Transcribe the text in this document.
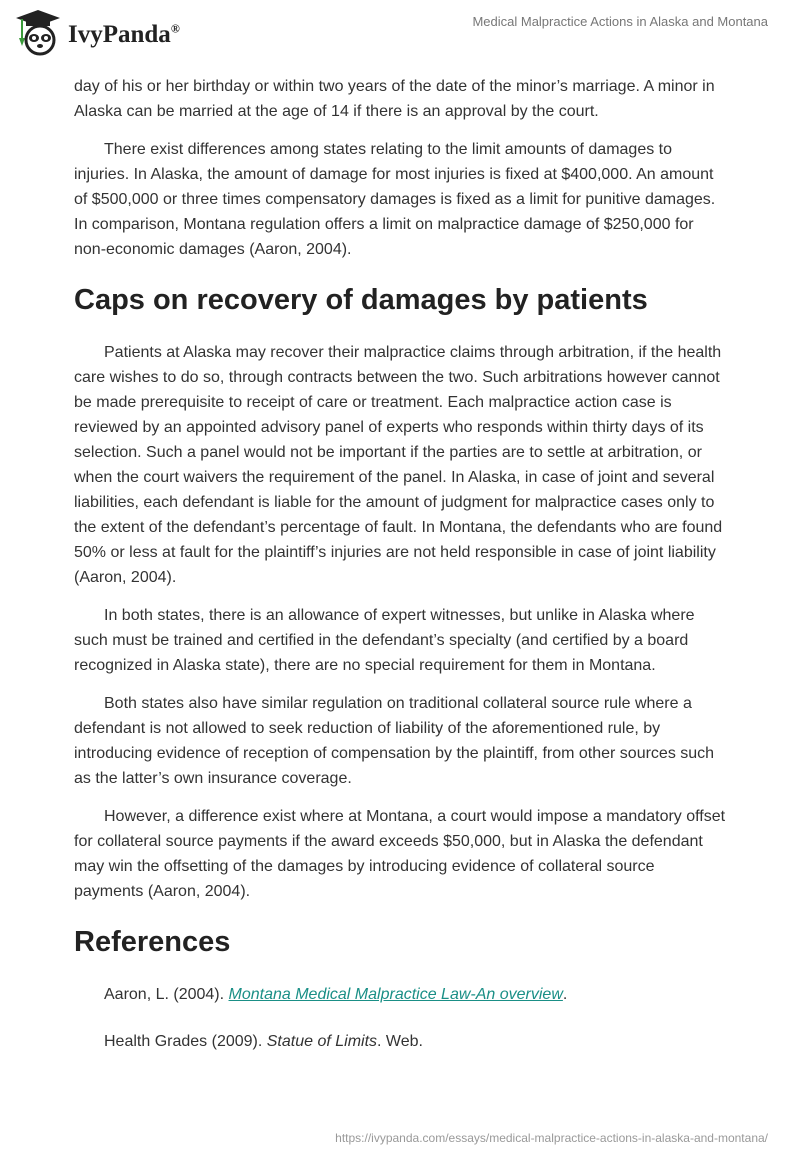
IvyPanda®	Medical Malpractice Actions in Alaska and Montana

day of his or her birthday or within two years of the date of the minor’s marriage. A minor in Alaska can be married at the age of 14 if there is an approval by the court.

There exist differences among states relating to the limit amounts of damages to injuries. In Alaska, the amount of damage for most injuries is fixed at $400,000. An amount of $500,000 or three times compensatory damages is fixed as a limit for punitive damages. In comparison, Montana regulation offers a limit on malpractice damage of $250,000 for non-economic damages (Aaron, 2004).

Caps on recovery of damages by patients

Patients at Alaska may recover their malpractice claims through arbitration, if the health care wishes to do so, through contracts between the two. Such arbitrations however cannot be made prerequisite to receipt of care or treatment. Each malpractice action case is reviewed by an appointed advisory panel of experts who responds within thirty days of its selection. Such a panel would not be important if the parties are to settle at arbitration, or when the court waivers the requirement of the panel. In Alaska, in case of joint and several liabilities, each defendant is liable for the amount of judgment for malpractice cases only to the extent of the defendant’s percentage of fault. In Montana, the defendants who are found 50% or less at fault for the plaintiff’s injuries are not held responsible in case of joint liability (Aaron, 2004).

In both states, there is an allowance of expert witnesses, but unlike in Alaska where such must be trained and certified in the defendant’s specialty (and certified by a board recognized in Alaska state), there are no special requirement for them in Montana.

Both states also have similar regulation on traditional collateral source rule where a defendant is not allowed to seek reduction of liability of the aforementioned rule, by introducing evidence of reception of compensation by the plaintiff, from other sources such as the latter’s own insurance coverage.

However, a difference exist where at Montana, a court would impose a mandatory offset for collateral source payments if the award exceeds $50,000, but in Alaska the defendant may win the offsetting of the damages by introducing evidence of collateral source payments (Aaron, 2004).

References
Aaron, L. (2004). Montana Medical Malpractice Law-An overview.
Health Grades (2009). Statue of Limits. Web.
https://ivypanda.com/essays/medical-malpractice-actions-in-alaska-and-montana/
